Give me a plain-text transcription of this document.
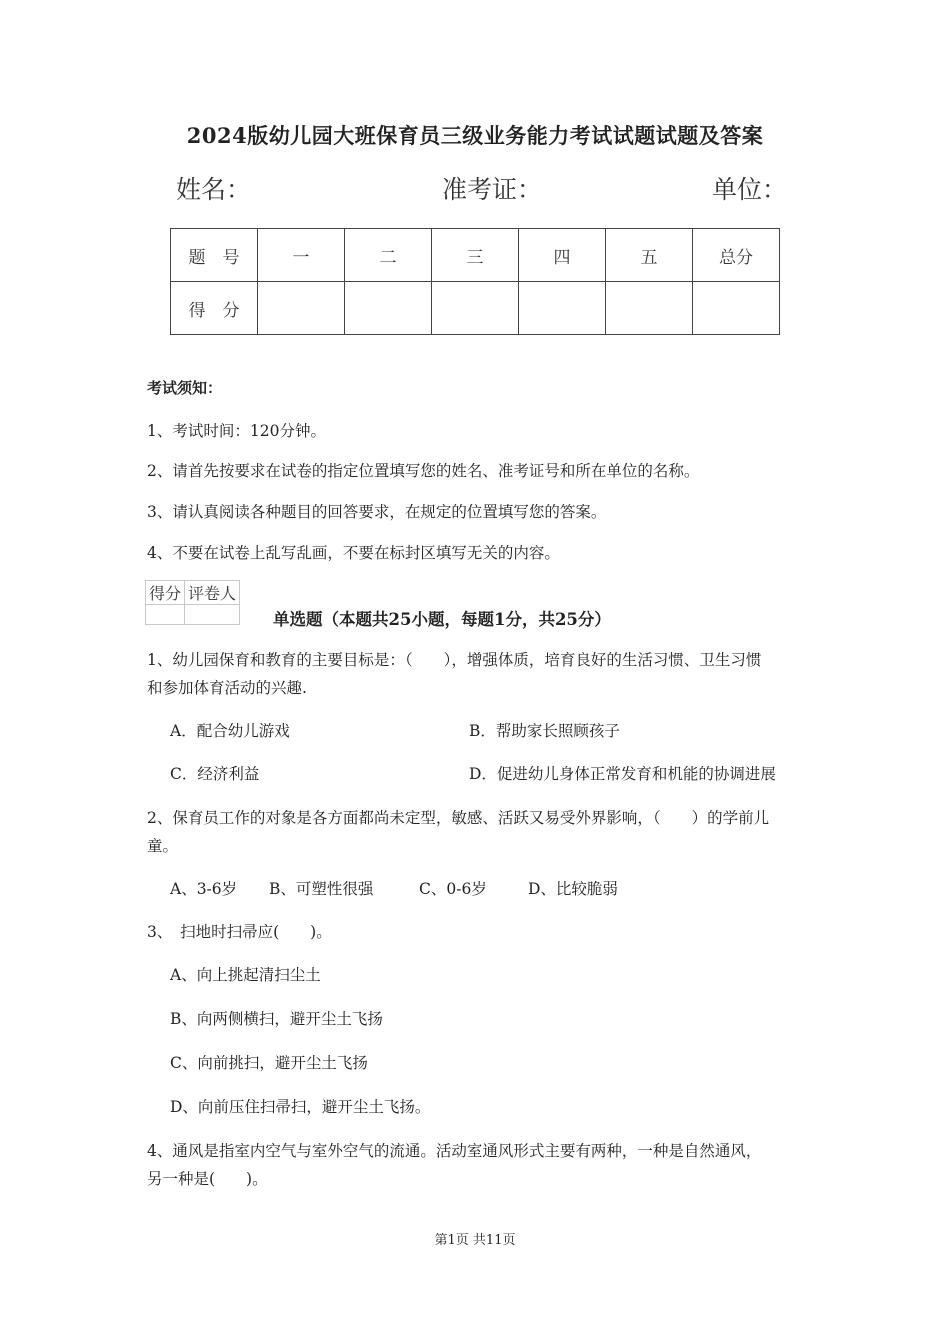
2024版幼儿园大班保育员三级业务能力考试试题试题及答案
姓名：	准考证：	单位：
题　号	一	二	三	四	五	总分
得　分						
考试须知：
1、考试时间：120分钟。
2、请首先按要求在试卷的指定位置填写您的姓名、准考证号和所在单位的名称。
3、请认真阅读各种题目的回答要求，在规定的位置填写您的答案。
4、不要在试卷上乱写乱画，不要在标封区填写无关的内容。
得分	评卷人

单选题（本题共25小题，每题1分，共25分）
1、幼儿园保育和教育的主要目标是：（　　），增强体质，培育良好的生活习惯、卫生习惯
和参加体育活动的兴趣.
A．配合幼儿游戏	B．帮助家长照顾孩子
C．经济利益	D．促进幼儿身体正常发育和机能的协调进展
2、保育员工作的对象是各方面都尚未定型，敏感、活跃又易受外界影响，（　　）的学前儿
童。
A、3-6岁 B、可塑性很强	C、0-6岁	D、比较脆弱
3、　扫地时扫帚应(　　)。
A、向上挑起清扫尘土
B、向两侧横扫，避开尘土飞扬
C、向前挑扫，避开尘土飞扬
D、向前压住扫帚扫，避开尘土飞扬。
4、通风是指室内空气与室外空气的流通。活动室通风形式主要有两种，一种是自然通风，
另一种是(　　)。
第1页 共11页
